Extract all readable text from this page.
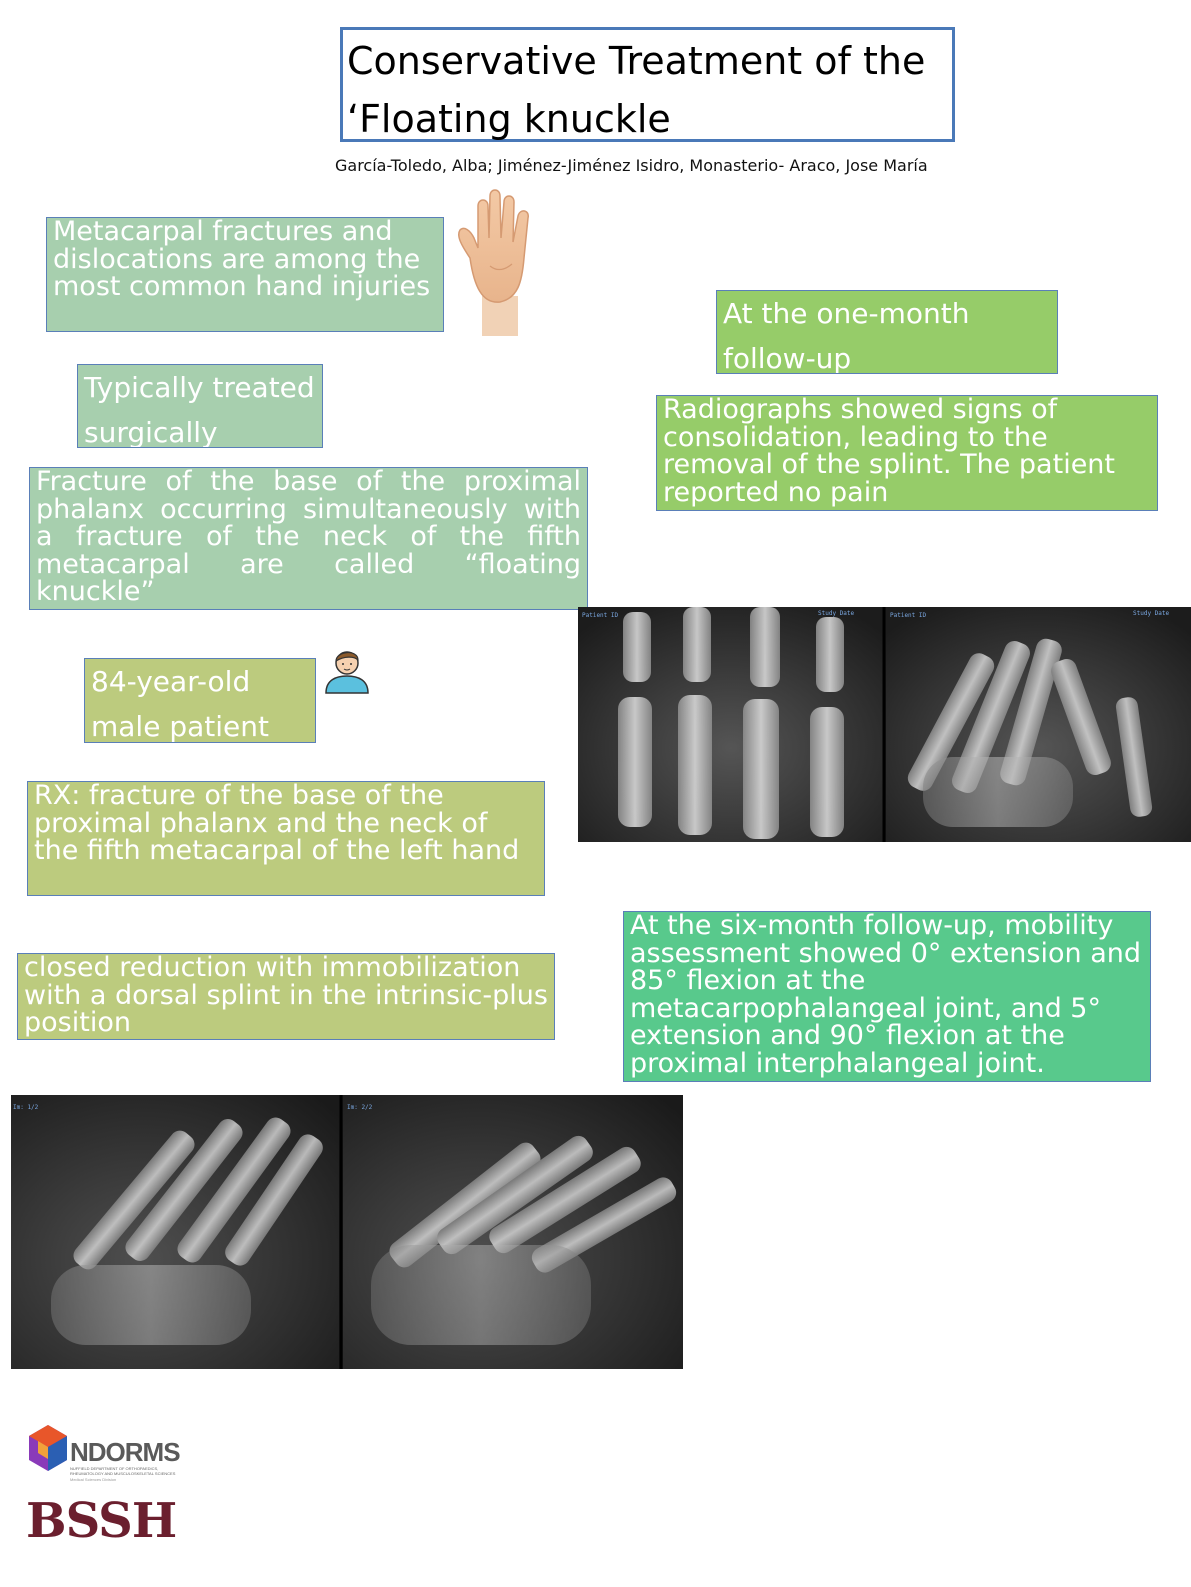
Conservative Treatment of the
‘Floating knuckle
García-Toledo, Alba; Jiménez-Jiménez Isidro, Monasterio- Araco, Jose María
Metacarpal fractures and dislocations are among the most common hand injuries
Typically treated surgically
Fracture of the base of the proximal phalanx occurring simultaneously with a fracture of the neck of the fifth metacarpal are called “floating knuckle”
84-year-old male patient
RX: fracture of the base of the proximal phalanx and the neck of the fifth metacarpal of the left hand
closed reduction with immobilization with a dorsal splint in the intrinsic-plus position
At the one-month follow-up
Radiographs showed signs of consolidation, leading to the removal of the splint. The patient reported no pain
At the six-month follow-up, mobility assessment showed 0° extension and 85° flexion at the metacarpophalangeal joint, and 5° extension and 90° flexion at the proximal interphalangeal joint.
Patient ID	Study Date	Patient ID	Study Date
Im: 1/2	Im: 2/2
NDORMS
NUFFIELD DEPARTMENT OF ORTHOPAEDICS,
RHEUMATOLOGY AND MUSCULOSKELETAL SCIENCES
Medical Sciences Division
BSSH
